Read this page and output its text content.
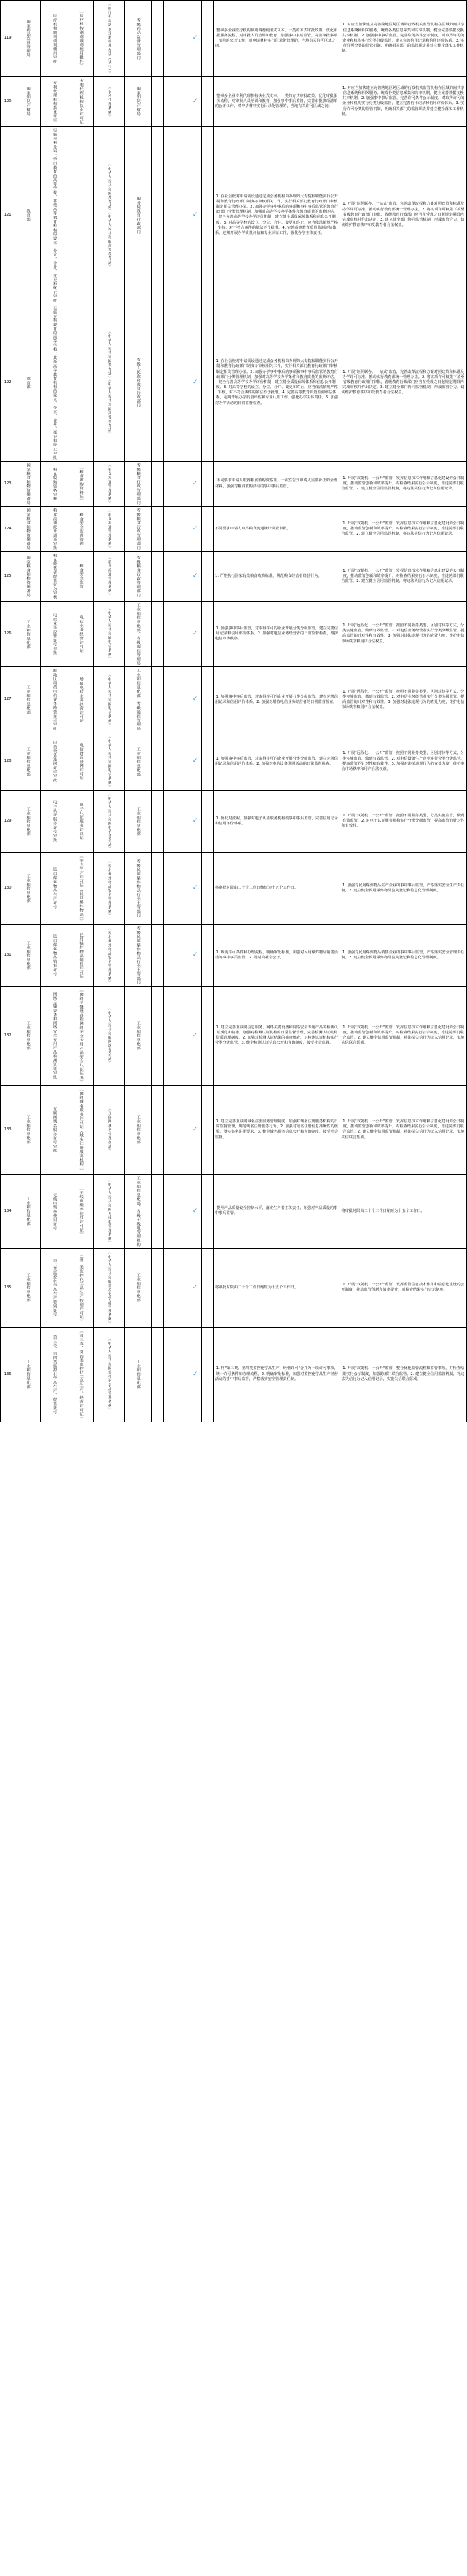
119	国家药品监督管理局	医疗机构制剂调剂使用审批	《医疗机构制剂调剂使用批件》	《医疗机构制剂注册管理办法（试行）》	省级药品监督管理部门				✓		整顿多企业医疗机构制剂调剂使用式文本。一类的方式审批政策、优化审批服务流程，对审批人员培训和教育，加强事中事后监管，完善审批事项清单的公开工作，对申请材料实行目录化管理的，当地有关许可区域之间。	1. 对应当加快建立完善跨地区跨区域的行政机关监管机构在区域的间共享信息系统和相关服务，统筹各类信息采集和共享机制，健全完善数据交换共享机制。2. 加强事中事后监管，完善许可条件公示制度，对取得许可的企业和机构实行分类分级监管，建立完善信用记录和信用评价体系。3. 实行许可分类的监管机制，明确相关部门的监管职责并建立健全落实工作机制。
120	国家知识产权局	专利代理机构执业许可	专利代理机构执业许可证	《专利代理条例》	国家知识产权局				✓		整顿多企业专利代理机构执业式文本。一类的方式审批政策、优化审批服务流程，对审批人员培训和教育，加强事中事后监管，完善审批事项清单的公开工作，对申请材料实行目录化管理的，当地有关许可区域之间。	1. 对应当加快建立完善跨地区跨区域的行政机关监管机构在区域的间共享信息系统和相关服务，统筹各类信息采集和共享机制，健全完善数据交换共享机制。2. 加强事中事后监管，完善许可条件公示制度，对取得许可的企业和机构实行分类分级监管，建立完善信用记录和信用评价体系。3. 实行许可分类的监管机制，明确相关部门的监管职责并建立健全落实工作机制。
121	教育部	实施本科及以上学历教育的高等学校、其他高等教育机构的设立、分立、合并、变更和终止审批		《中华人民共和国教育法》《中华人民共和国高等教育法》	国务院教育行政部门				✓		1. 在社会校对申请需设通过完成公务机构由办理的大专院校职能实行公开制和教育行政部门制度办审核相关工作，实行相关部门教育行政部门审核制定相关管理办法。2. 加强办学事中事后的事项和事中事后监管的教育行政部门分类管理机制，加强对高等学校办学条件和教育质量的监测评估，健全完善高等学校办学评价机制，建立健全质量保障体系和信息公开制度。3. 对高等学校的设立、分立、合并、变更和终止，应当依法依规严格审核，对不符合条件的依法不予批准。4. 完善高等教育质量监测评估体系，定期开展办学质量评估和专业认证工作，强化办学主体责任。	1. 开展"证照联办、一站式"监管，完善改革流程和方案对照政策和标准及办学许可标准，推动实行教育部统一管理办法。2. 将该项许可权限下放至省级教育行政部门审批，省级教育行政部门应当在受理之日起规定期限内完成审核并作出决定。3. 建立健全部门协同监管机制，形成监管合力，切实维护教育秩序和受教育者合法权益。
122	教育部	实施专科教育的高等学校、其他高等教育机构的设立、分立、合并、变更和终止审批		《中华人民共和国教育法》《中华人民共和国高等教育法》	省级人民政府教育行政部门				✓		1. 在社会校对申请需设通过完成公务机构由办理的大专院校职能实行公开制和教育行政部门制度办审核相关工作，实行相关部门教育行政部门审核制定相关管理办法。2. 加强办学事中事后的事项和事中事后监管的教育行政部门分类管理机制，加强对高等学校办学条件和教育质量的监测评估，健全完善高等学校办学评价机制，建立健全质量保障体系和信息公开制度。3. 对高等学校的设立、分立、合并、变更和终止，应当依法依规严格审核，对不符合条件的依法不予批准。4. 完善高等教育质量监测评估体系，定期开展办学质量评估和专业认证工作，强化办学主体责任。5. 加强对办学活动的日常监督检查。	1. 开展"证照联办、一站式"监管，完善改革流程和方案对照政策和标准及办学许可标准，推动实行教育部统一管理办法。2. 将该项许可权限下放至省级教育行政部门审批，省级教育行政部门应当在受理之日起规定期限内完成审核并作出决定。3. 建立健全部门协同监管机制，形成监管合力，切实维护教育秩序和受教育者合法权益。
123	国家粮食和物资储备局	粮食收购资格审核	《粮食收购资格证》	《粮食流通管理条例》	省级粮食行政管理部门				✓		不同要求申请人取得粮食收购资格证。一次性告知申请人需要补正的全部材料，加强对粮食收购活动的事中事后监管。	1. 开展"双随机、一公开"监管，发挥信息技术作用和信息化建设的公开制度，推动监管创新和效率提升，对检查结果实行公示制度，推进跨部门联合监管。2. 建立健全信用监管机制，将违法失信行为记入信用记录。
124	国家粮食和物资储备局	粮食流通统计调查审批	粮食安全监督管理	《粮食流通管理条例》	省级粮食行政管理部门				✓		不同要求申请人取得粮食流通统计调查审批。	1. 开展"双随机、一公开"监管，发挥信息技术作用和信息化建设的公开制度，推动监管创新和效率提升，对检查结果实行公示制度，推进跨部门联合监管。2. 建立健全信用监管机制，将违法失信行为记入信用记录。
125	国家粮食和物资储备局	粮食经营者经营行为审核	粮食安全监管	《粮食流通管理条例》	省级粮食行政管理部门				✓		1. 严格执行国家有关粮食收购标准，规范粮食经营者经营行为。	1. 开展"双随机、一公开"监管，发挥信息技术作用和信息化建设的公开制度，推动监管创新和效率提升，对检查结果实行公示制度，推进跨部门联合监管。2. 建立健全信用监管机制，将违法失信行为记入信用记录。
126	工业和信息化部	电信业务经营许可审批	电信业务经营许可证	《中华人民共和国电信条例》	工业和信息化部、省级通信管理局				✓		1. 加强事中事后监管，对取得许可的企业开展分类分级监管，建立完善信用记录和信用评价体系。2. 加强对电信业务经营者的日常监督检查，维护电信市场秩序。	1. 开展"远程化、一公开"监管，按照不同业务类型，区别对待等方式，分类实施监管，做到有效监管。2. 对电信业务经营者实行分类分级监管，提高监管的针对性和有效性。3. 加强对违法违规行为的查处力度，维护电信市场秩序和用户合法权益。
127	工业和信息化部	跨地区增值电信业务经营许可审批	增值电信业务经营许可证	《中华人民共和国电信条例》	工业和信息化部、省级通信管理局				✓		1. 加强事中事后监管，对取得许可的企业开展分类分级监管，建立完善信用记录和信用评价体系。2. 加强对增值电信业务经营者的日常监督检查。	1. 开展"远程化、一公开"监管，按照不同业务类型，区别对待等方式，分类实施监管，做到有效监管。2. 对电信业务经营者实行分类分级监管，提高监管的针对性和有效性。3. 加强对违法违规行为的查处力度，维护电信市场秩序和用户合法权益。
128	工业和信息化部	电信设备进网许可审批	电信设备进网许可证	《中华人民共和国电信条例》	工业和信息化部				✓		1. 加强事中事后监管，对取得许可的企业开展分类分级监管，建立完善信用记录和信用评价体系。2. 加强对电信设备进网活动的日常监督检查。	1. 开展"远程化、一公开"监管，按照不同业务类型，区别对待等方式，分类实施监管，做到有效监管。2. 对电信设备生产企业实行分类分级监管，提高监管的针对性和有效性。3. 加强对违法违规行为的查处力度，维护电信市场秩序和用户合法权益。
129	工业和信息化部	电子认证服务许可审批	电子认证服务许可证	《中华人民共和国电子签名法》	工业和信息化部				✓		1. 优化对流程，加强对电子认证服务机构的事中事后监管，完善信用记录和信用评价体系。	1. 开展"双随机、一公开"监管，按照不同业务类型，分类实施监管，做到有效监管。2. 对电子认证服务机构实行分类分级监管，提高监管的针对性和有效性。
130	工业和信息化部	民用爆炸物品生产许可	《安全生产许可证（民用爆炸物品）》	《民用爆炸物品安全管理条例》	省级民用爆炸物品行业主管部门				✓		将审批时限由二十个工作日缩短为十五个工作日。	1. 加强对民用爆炸物品生产企业的事中事后监管，严格落实安全生产责任制。2. 建立健全民用爆炸物品流向登记和信息化管理制度。
131	工业和信息化部	民用爆炸物品销售许可	民用爆炸物品销售许可证	《民用爆炸物品安全管理条例》	省级民用爆炸物品行业主管部门				✓		1. 规范许可条件和办理流程，明确审批标准，加强对民用爆炸物品销售活动的事中事后监管。2. 及时向社会公开。	1. 加强对民用爆炸物品销售企业的事中事后监管，严格落实安全管理责任制。2. 建立健全民用爆炸物品流向登记和信息化管理制度。
132	工业和信息化部	网络关键设备和网络安全专用产品检测认证审批	《网络关键设备和网络安全专用产品安全认证证书》	《中华人民共和国网络安全法》	工业和信息化部				✓		1. 建立完善互联网信息服务、网络关键设备和网络安全专用产品的检测认证规范和标准，加强对检测认证机构的日常监督管理，完善检测认证机构资质管理制度。2. 加强对检测认证结果的抽查核查，对检测认证机构实行分类分级监管。3. 健全检测认证信息公开和查询制度，接受社会监督。	1. 开展"双随机、一公开"监管，发挥信息技术作用和信息化建设的公开制度，推动监管创新和效率提升，对检查结果实行公示制度，推进跨部门联合监管。2. 建立健全信用监管机制，将违法失信行为记入信用记录，实施失信联合惩戒。
133	工业和信息化部	互联网域名服务许可审批	《网络域名服务许可证（域名注册服务机构）》	《互联网域名管理办法》	工业和信息化部				✓		1. 建立完善互联网域名注册服务管理制度，加强对域名注册服务机构的日常监督管理，规范域名注册服务行为。2. 加强对域名注册信息准确性的核验，落实实名注册要求。3. 健全域名服务信息公开和查询制度，接受社会监督。	1. 开展"双随机、一公开"监管，发挥信息技术作用和信息化建设的公开制度，推动监管创新和效率提升，对检查结果实行公示制度，推进跨部门联合监管。2. 建立健全信用监管机制，将违法失信行为记入信用记录，实施失信联合惩戒。
134	工业和信息化部	无线电频率使用许可	《无线电频率使用许可证》	《中华人民共和国无线电管理条例》	工业和信息化部、省级无线电管理机构				✓		提升产品质量安全控制水平，落实生产者主体责任，加强对产品质量的事中事后监管。	将审批时限由二十个工作日缩短为十五个工作日。
135	工业和信息化部	第二类监控化学品生产特别许可	《第二类监控化学品生产特别许可证》	《中华人民共和国监控化学品管理条例》	工业和信息化部				✓		将审批时限由二十个工作日缩短为十五个工作日。	1. 开展"双随机、一公开"监管，发挥监管信息技术作用和信息化建设的公开制度，推动监管创新和效率提升，对检查结果实行公示制度。
136	工业和信息化部	第三类、第四类监控化学品生产、经营许可	《第三类、第四类监控化学品生产、经营许可证》	《中华人民共和国监控化学品管理条例》	工业和信息化部				✓		1. 将"第三类、第四类监控化学品生产、经营许可"合并为一项许可事项，统一许可条件和办理流程。2. 明确审批标准，加强对监控化学品生产经营活动的事中事后监管，严格落实安全管理责任制。	1. 开展"双随机、一公开"监管，整合优化监管流程和监管事项，对检查结果实行公示制度，加强跨部门联合监管。2. 建立健全信用监管机制，将违法失信行为记入信用记录，实施失信联合惩戒。
